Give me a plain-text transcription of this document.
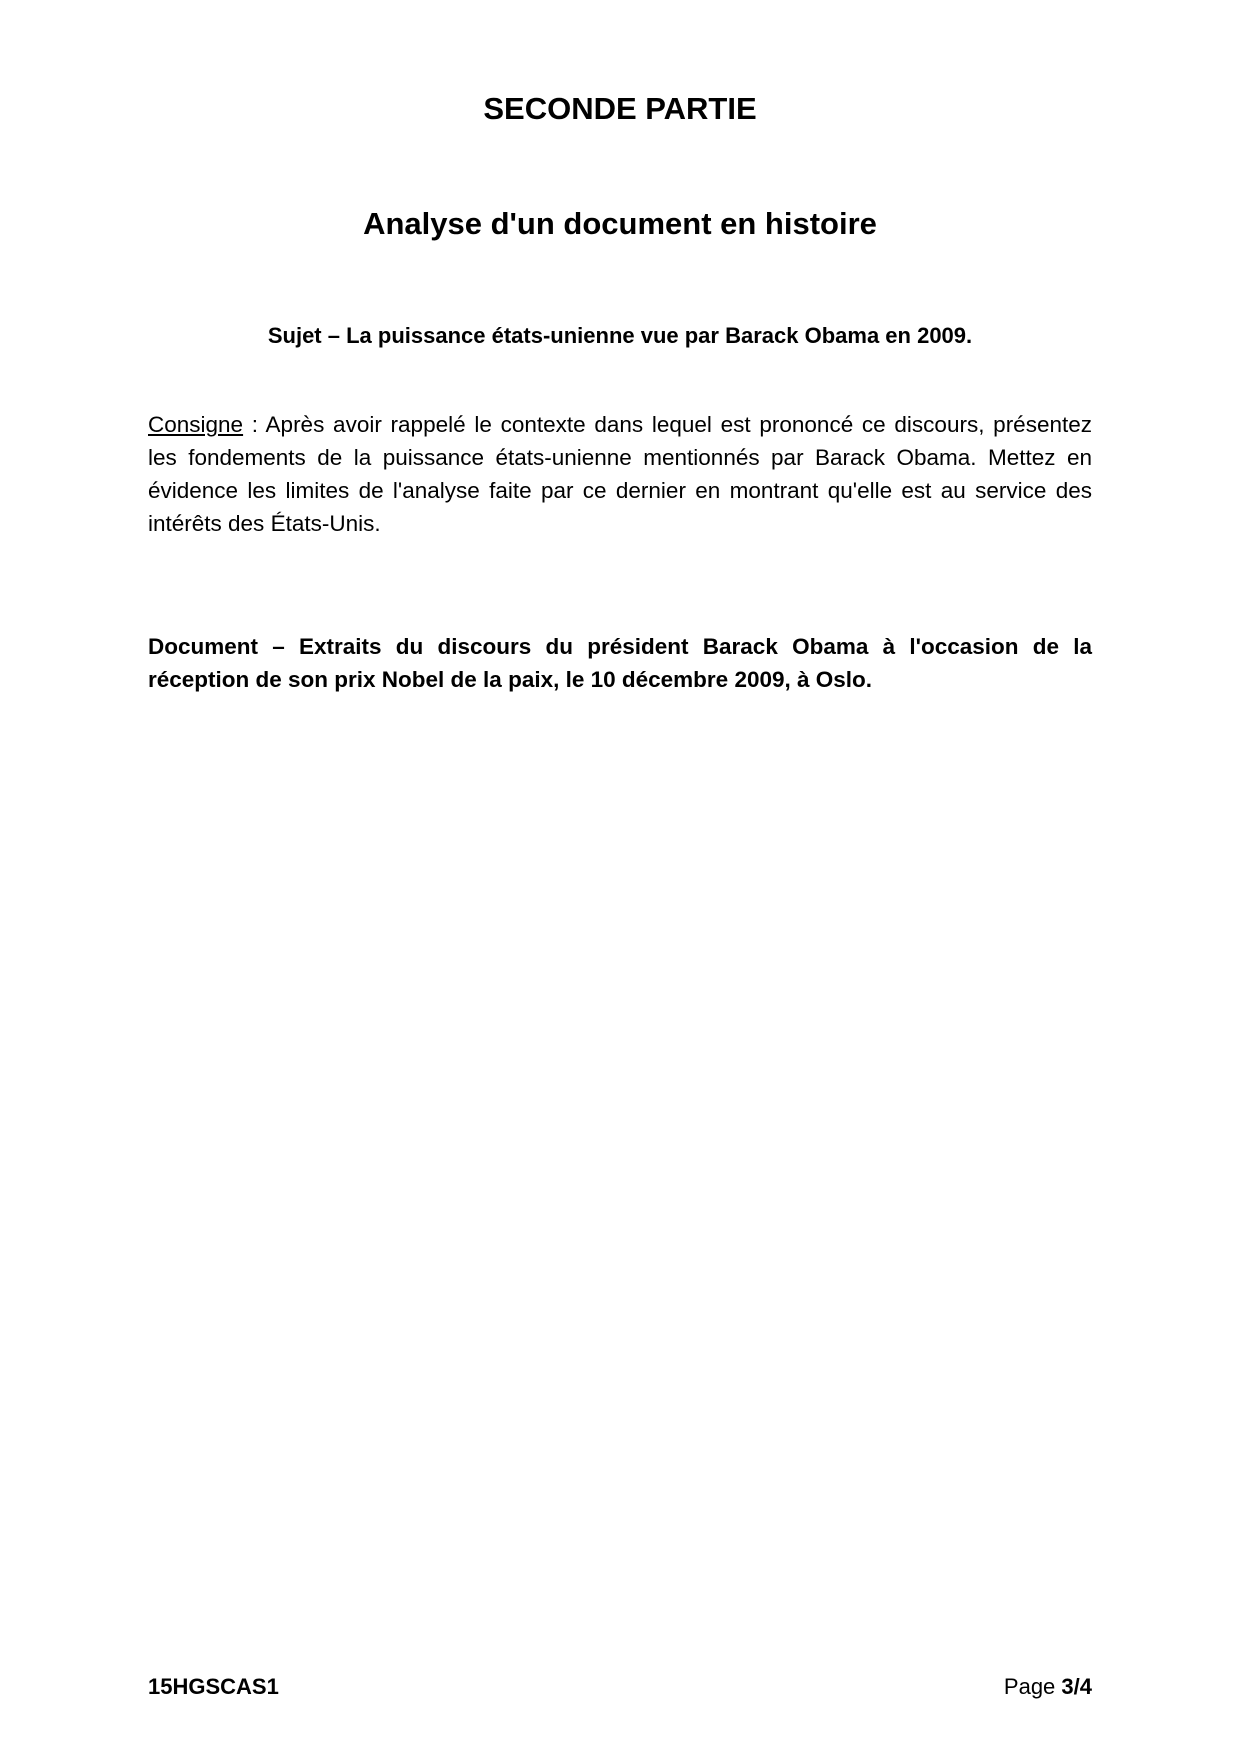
SECONDE PARTIE
Analyse d'un document en histoire

Sujet – La puissance états-unienne vue par Barack Obama en 2009.

Consigne : Après avoir rappelé le contexte dans lequel est prononcé ce discours, présentez les fondements de la puissance états-unienne mentionnés par Barack Obama. Mettez en évidence les limites de l'analyse faite par ce dernier en montrant qu'elle est au service des intérêts des États-Unis.

Document – Extraits du discours du président Barack Obama à l'occasion de la réception de son prix Nobel de la paix, le 10 décembre 2009, à Oslo.

15HGSCAS1	Page 3/4
